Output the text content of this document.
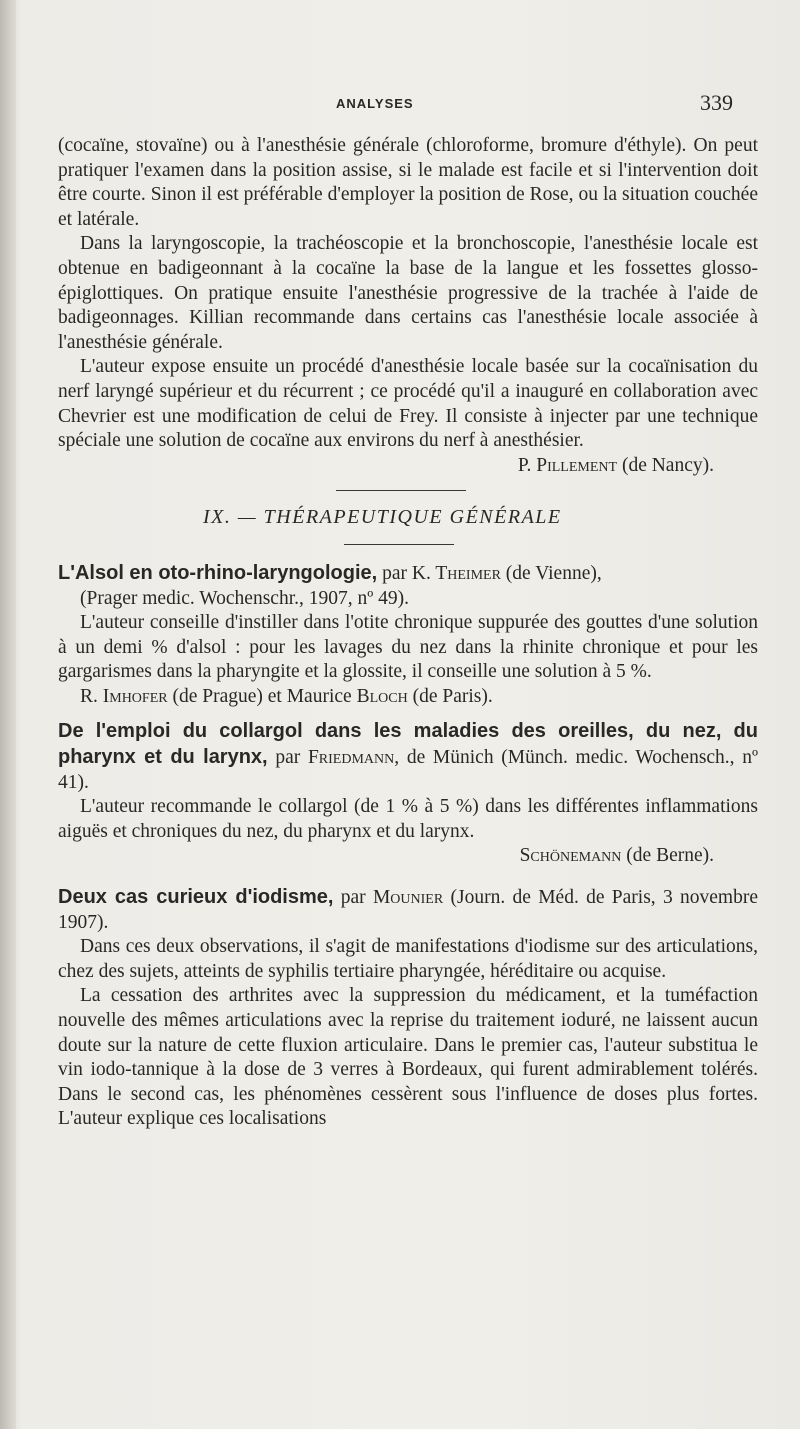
ANALYSES	339

(cocaïne, stovaïne) ou à l'anesthésie générale (chloroforme, bromure d'éthyle). On peut pratiquer l'examen dans la position assise, si le malade est facile et si l'intervention doit être courte. Sinon il est préférable d'employer la position de Rose, ou la situation couchée et latérale.

Dans la laryngoscopie, la trachéoscopie et la bronchoscopie, l'anesthésie locale est obtenue en badigeonnant à la cocaïne la base de la langue et les fossettes glosso-épiglottiques. On pratique ensuite l'anesthésie progressive de la trachée à l'aide de badigeonnages. Killian recommande dans certains cas l'anesthésie locale associée à l'anesthésie générale.

L'auteur expose ensuite un procédé d'anesthésie locale basée sur la cocaïnisation du nerf laryngé supérieur et du récurrent ; ce procédé qu'il a inauguré en collaboration avec Chevrier est une modification de celui de Frey. Il consiste à injecter par une technique spéciale une solution de cocaïne aux environs du nerf à anesthésier.

P. Pillement (de Nancy).

IX. — THÉRAPEUTIQUE GÉNÉRALE

L'Alsol en oto-rhino-laryngologie, par K. Theimer (de Vienne),

(Prager medic. Wochenschr., 1907, nº 49).

L'auteur conseille d'instiller dans l'otite chronique suppurée des gouttes d'une solution à un demi % d'alsol : pour les lavages du nez dans la rhinite chronique et pour les gargarismes dans la pharyngite et la glossite, il conseille une solution à 5 %.

R. Imhofer (de Prague) et Maurice Bloch (de Paris).

De l'emploi du collargol dans les maladies des oreilles, du nez, du pharynx et du larynx, par Friedmann, de Münich (Münch. medic. Wochensch., nº 41).

L'auteur recommande le collargol (de 1 % à 5 %) dans les différentes inflammations aiguës et chroniques du nez, du pharynx et du larynx.

Schönemann (de Berne).

Deux cas curieux d'iodisme, par Mounier (Journ. de Méd. de Paris, 3 novembre 1907).

Dans ces deux observations, il s'agit de manifestations d'iodisme sur des articulations, chez des sujets, atteints de syphilis tertiaire pharyngée, héréditaire ou acquise.

La cessation des arthrites avec la suppression du médicament, et la tuméfaction nouvelle des mêmes articulations avec la reprise du traitement ioduré, ne laissent aucun doute sur la nature de cette fluxion articulaire. Dans le premier cas, l'auteur substitua le vin iodo-tannique à la dose de 3 verres à Bordeaux, qui furent admirablement tolérés. Dans le second cas, les phénomènes cessèrent sous l'influence de doses plus fortes. L'auteur explique ces localisations
